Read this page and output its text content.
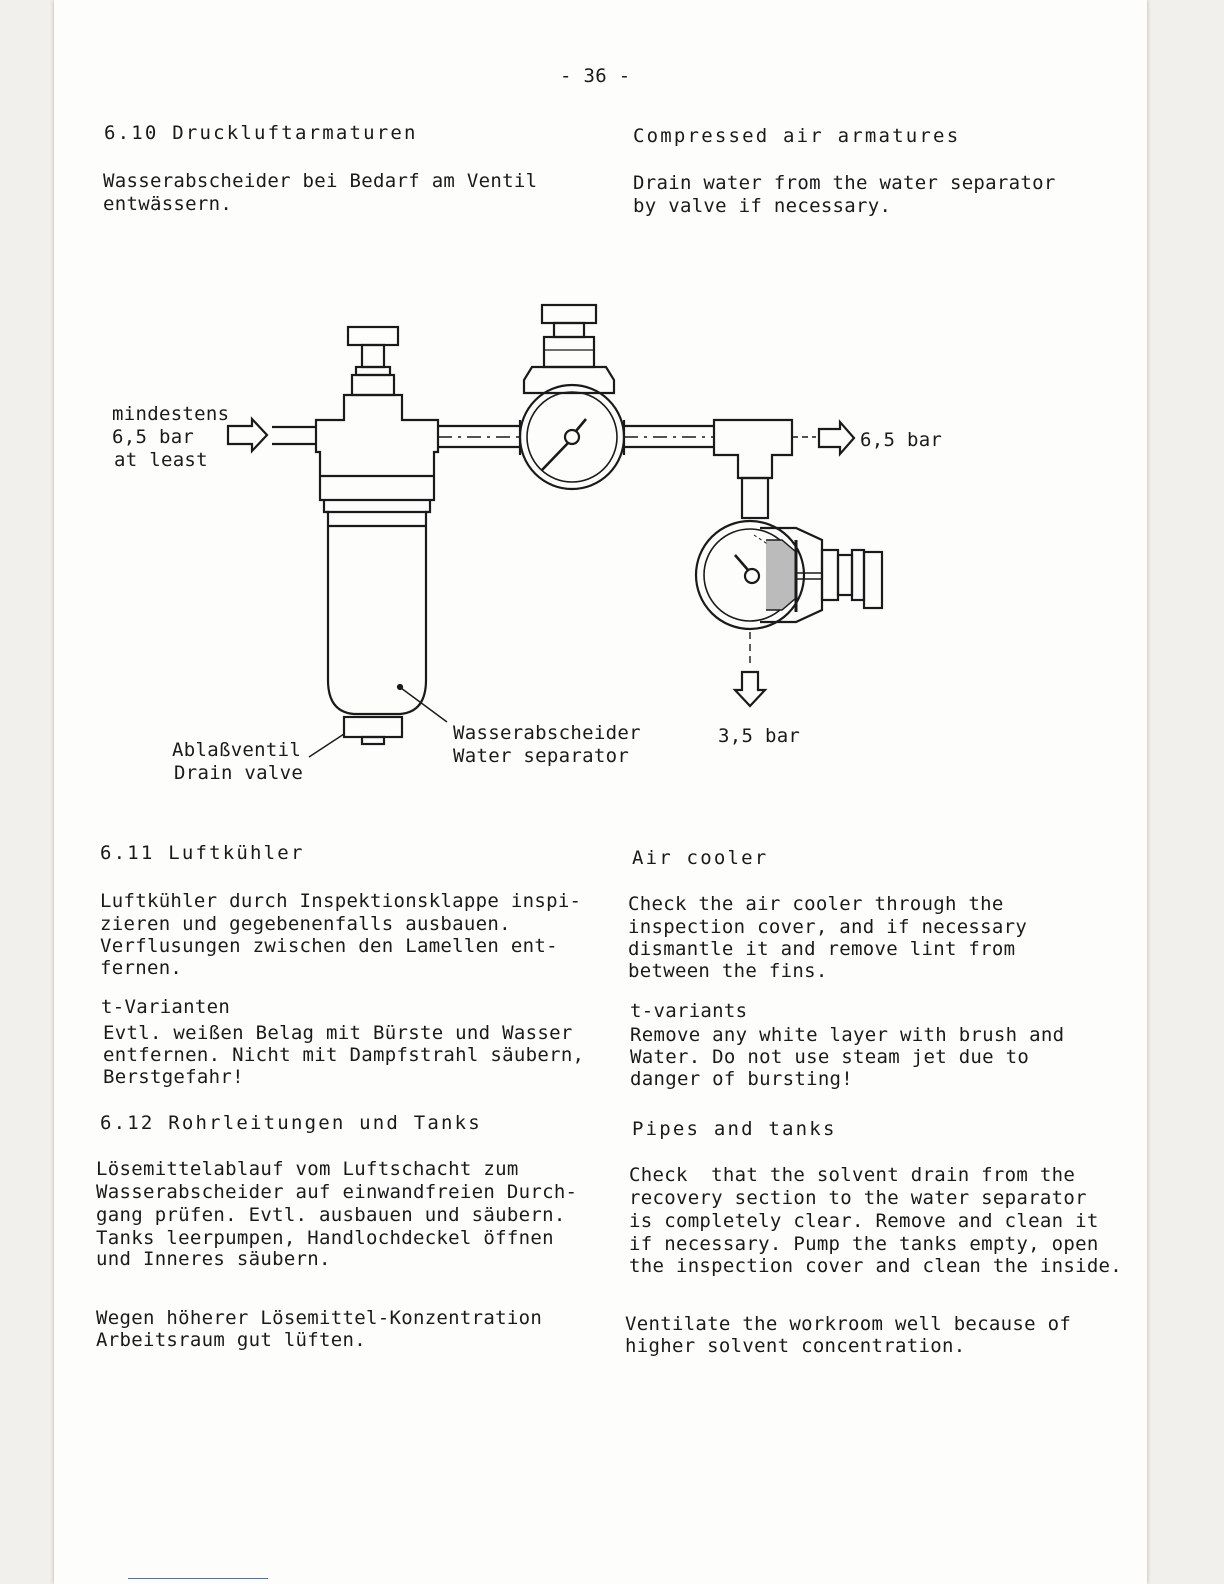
- 36 -
6.10 Druckluftarmaturen	Compressed air armatures
Wasserabscheider bei Bedarf am Ventil
entwässern.
Drain water from the water separator
by valve if necessary.
mindestens
6,5 bar
at least
6,5 bar
3,5 bar
Ablaßventil
Drain valve
Wasserabscheider
Water separator
6.11 Luftkühler	Air cooler
Luftkühler durch Inspektionsklappe inspi-
zieren und gegebenenfalls ausbauen.
Verflusungen zwischen den Lamellen ent-
fernen.
Check the air cooler through the
inspection cover, and if necessary
dismantle it and remove lint from
between the fins.
t-Varianten
Evtl. weißen Belag mit Bürste und Wasser
entfernen. Nicht mit Dampfstrahl säubern,
Berstgefahr!
t-variants
Remove any white layer with brush and
Water. Do not use steam jet due to
danger of bursting!
6.12 Rohrleitungen und Tanks	Pipes and tanks
Lösemittelablauf vom Luftschacht zum
Wasserabscheider auf einwandfreien Durch-
gang prüfen. Evtl. ausbauen und säubern.
Tanks leerpumpen, Handlochdeckel öffnen
und Inneres säubern.
Check  that the solvent drain from the
recovery section to the water separator
is completely clear. Remove and clean it
if necessary. Pump the tanks empty, open
the inspection cover and clean the inside.
Wegen höherer Lösemittel-Konzentration
Arbeitsraum gut lüften.
Ventilate the workroom well because of
higher solvent concentration.
